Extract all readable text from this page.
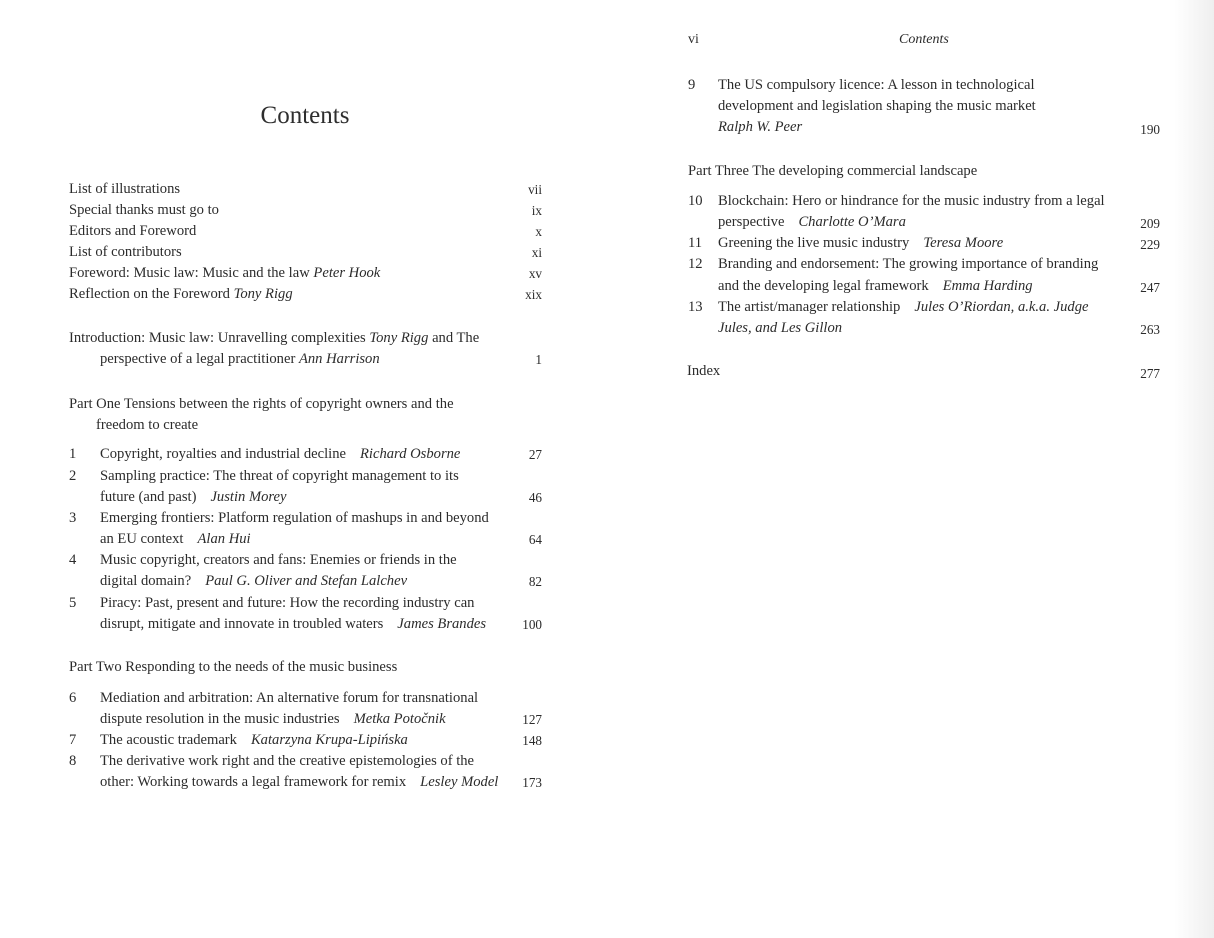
Contents
List of illustrations	vii
Special thanks must go to	ix
Editors and Foreword	x
List of contributors	xi
Foreword: Music law: Music and the law Peter Hook	xv
Reflection on the Foreword Tony Rigg	xix
Introduction: Music law: Unravelling complexities Tony Rigg and The
perspective of a legal practitioner Ann Harrison	1
Part One Tensions between the rights of copyright owners and the
freedom to create
1 Copyright, royalties and industrial decline Richard Osborne	27
2 Sampling practice: The threat of copyright management to its
future (and past) Justin Morey	46
3 Emerging frontiers: Platform regulation of mashups in and beyond
an EU context Alan Hui	64
4 Music copyright, creators and fans: Enemies or friends in the
digital domain? Paul G. Oliver and Stefan Lalchev	82
5 Piracy: Past, present and future: How the recording industry can
disrupt, mitigate and innovate in troubled waters James Brandes	100
Part Two Responding to the needs of the music business
6 Mediation and arbitration: An alternative forum for transnational
dispute resolution in the music industries Metka Potočnik	127
7 The acoustic trademark Katarzyna Krupa-Lipińska	148
8 The derivative work right and the creative epistemologies of the
other: Working towards a legal framework for remix Lesley Model	173
vi	Contents
9 The US compulsory licence: A lesson in technological
development and legislation shaping the music market
Ralph W. Peer	190
Part Three The developing commercial landscape
10 Blockchain: Hero or hindrance for the music industry from a legal
perspective Charlotte O’Mara	209
11 Greening the live music industry Teresa Moore	229
12 Branding and endorsement: The growing importance of branding
and the developing legal framework Emma Harding	247
13 The artist/manager relationship Jules O’Riordan, a.k.a. Judge
Jules, and Les Gillon	263
Index	277
